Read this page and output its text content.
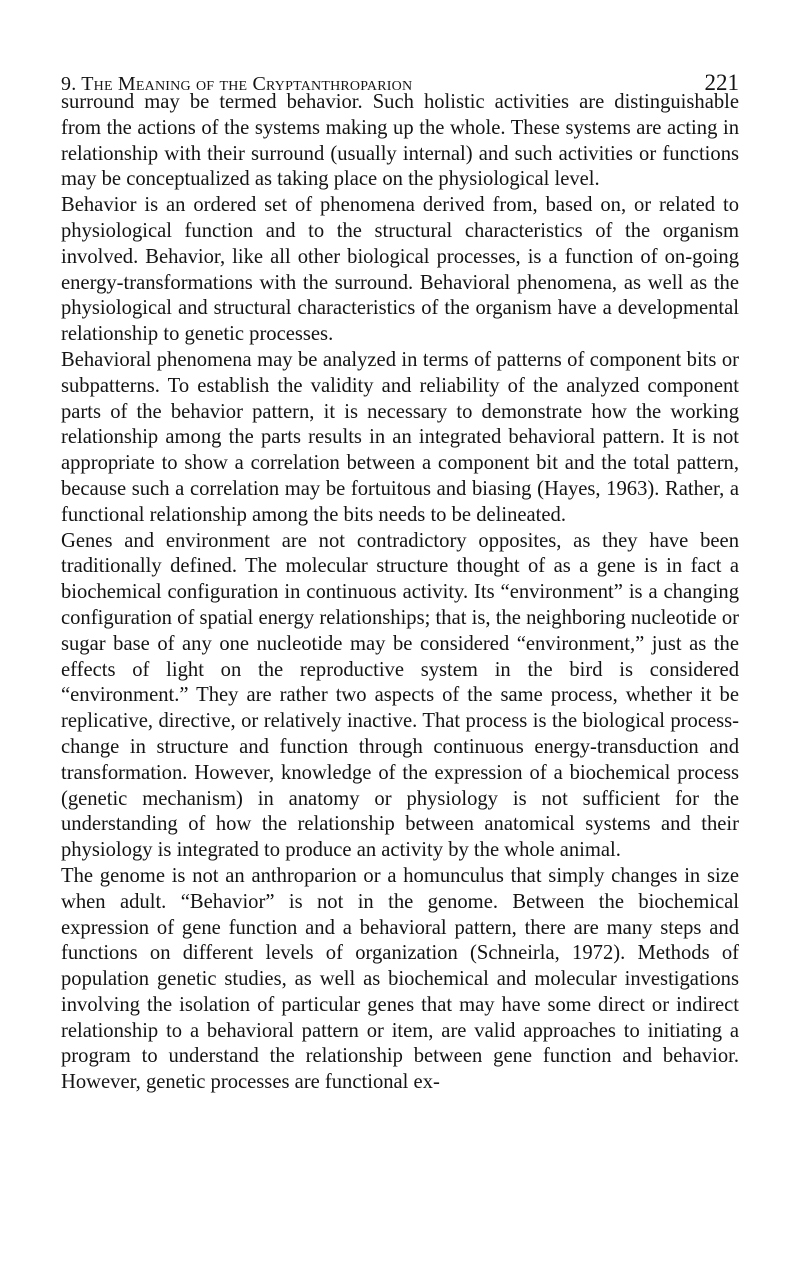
9. The Meaning of the Cryptanthroparion	221

surround may be termed behavior. Such holistic activities are distinguishable from the actions of the systems making up the whole. These systems are acting in relationship with their surround (usually internal) and such activities or functions may be conceptualized as taking place on the physiological level.

Behavior is an ordered set of phenomena derived from, based on, or related to physiological function and to the structural characteristics of the organism involved. Behavior, like all other biological processes, is a function of on-going energy-transformations with the surround. Behavioral phenomena, as well as the physiological and structural characteristics of the organism have a developmental relationship to genetic processes.

Behavioral phenomena may be analyzed in terms of patterns of component bits or subpatterns. To establish the validity and reliability of the analyzed component parts of the behavior pattern, it is necessary to demonstrate how the working relationship among the parts results in an integrated behavioral pattern. It is not appropriate to show a correlation between a component bit and the total pattern, because such a correlation may be fortuitous and biasing (Hayes, 1963). Rather, a functional relationship among the bits needs to be delineated.

Genes and environment are not contradictory opposites, as they have been traditionally defined. The molecular structure thought of as a gene is in fact a biochemical configuration in continuous activity. Its “environment” is a changing configuration of spatial energy relationships; that is, the neighboring nucleotide or sugar base of any one nucleotide may be considered “environment,” just as the effects of light on the reproductive system in the bird is considered “environment.” They are rather two aspects of the same process, whether it be replicative, directive, or relatively inactive. That process is the biological process-change in structure and function through continuous energy-transduction and transformation. However, knowledge of the expression of a biochemical process (genetic mechanism) in anatomy or physiology is not sufficient for the understanding of how the relationship between anatomical systems and their physiology is integrated to produce an activity by the whole animal.

The genome is not an anthroparion or a homunculus that simply changes in size when adult. “Behavior” is not in the genome. Between the biochemical expression of gene function and a behavioral pattern, there are many steps and functions on different levels of organization (Schneirla, 1972). Methods of population genetic studies, as well as biochemical and molecular investigations involving the isolation of particular genes that may have some direct or indirect relationship to a behavioral pattern or item, are valid approaches to initiating a program to understand the relationship between gene function and behavior. However, genetic processes are functional ex-
